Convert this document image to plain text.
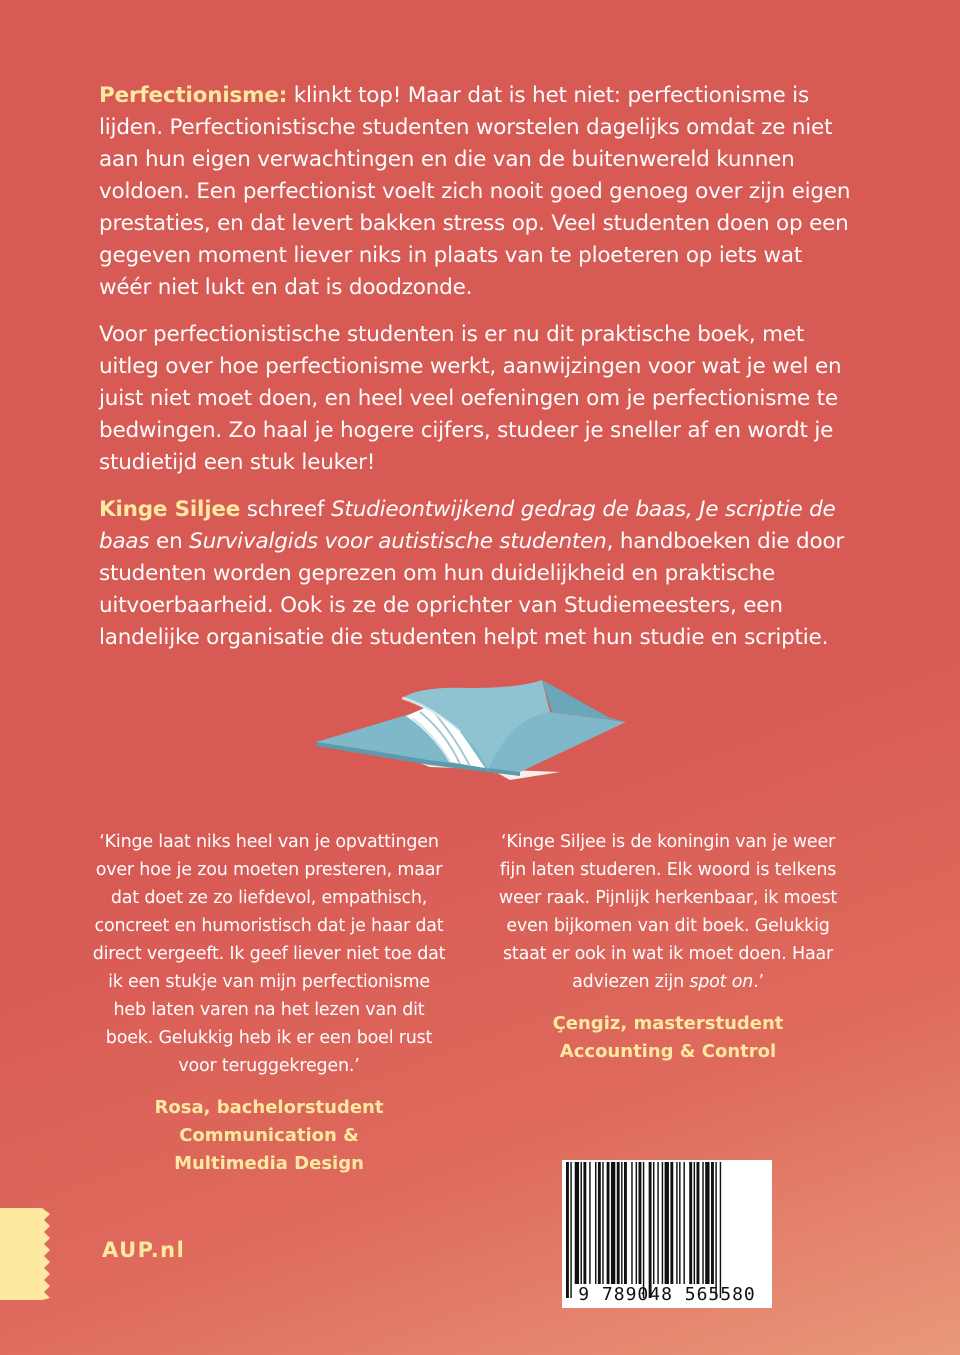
Perfectionisme: klinkt top! Maar dat is het niet: perfectionisme is lijden. Perfectionistische studenten worstelen dagelijks omdat ze niet aan hun eigen verwachtingen en die van de buitenwereld kunnen voldoen. Een perfectionist voelt zich nooit goed genoeg over zijn eigen prestaties, en dat levert bakken stress op. Veel studenten doen op een gegeven moment liever niks in plaats van te ploeteren op iets wat wéér niet lukt en dat is doodzonde.

Voor perfectionistische studenten is er nu dit praktische boek, met uitleg over hoe perfectionisme werkt, aanwijzingen voor wat je wel en juist niet moet doen, en heel veel oefeningen om je perfectionisme te bedwingen. Zo haal je hogere cijfers, studeer je sneller af en wordt je studietijd een stuk leuker!

Kinge Siljee schreef Studieontwijkend gedrag de baas, Je scriptie de baas en Survivalgids voor autistische studenten, handboeken die door studenten worden geprezen om hun duidelijkheid en praktische uitvoerbaarheid. Ook is ze de oprichter van Studiemeesters, een landelijke organisatie die studenten helpt met hun studie en scriptie.

‘Kinge laat niks heel van je opvattingen over hoe je zou moeten presteren, maar dat doet ze zo liefdevol, empathisch, concreet en humoristisch dat je haar dat direct vergeeft. Ik geef liever niet toe dat ik een stukje van mijn perfectionisme heb laten varen na het lezen van dit boek. Gelukkig heb ik er een boel rust voor teruggekregen.’

Rosa, bachelorstudent
Communication &
Multimedia Design

‘Kinge Siljee is de koningin van je weer fijn laten studeren. Elk woord is telkens weer raak. Pijnlijk herkenbaar, ik moest even bijkomen van dit boek. Gelukkig staat er ook in wat ik moet doen. Haar adviezen zijn spot on.’

Çengiz, masterstudent
Accounting & Control

AUP.nl
9 789048 565580
